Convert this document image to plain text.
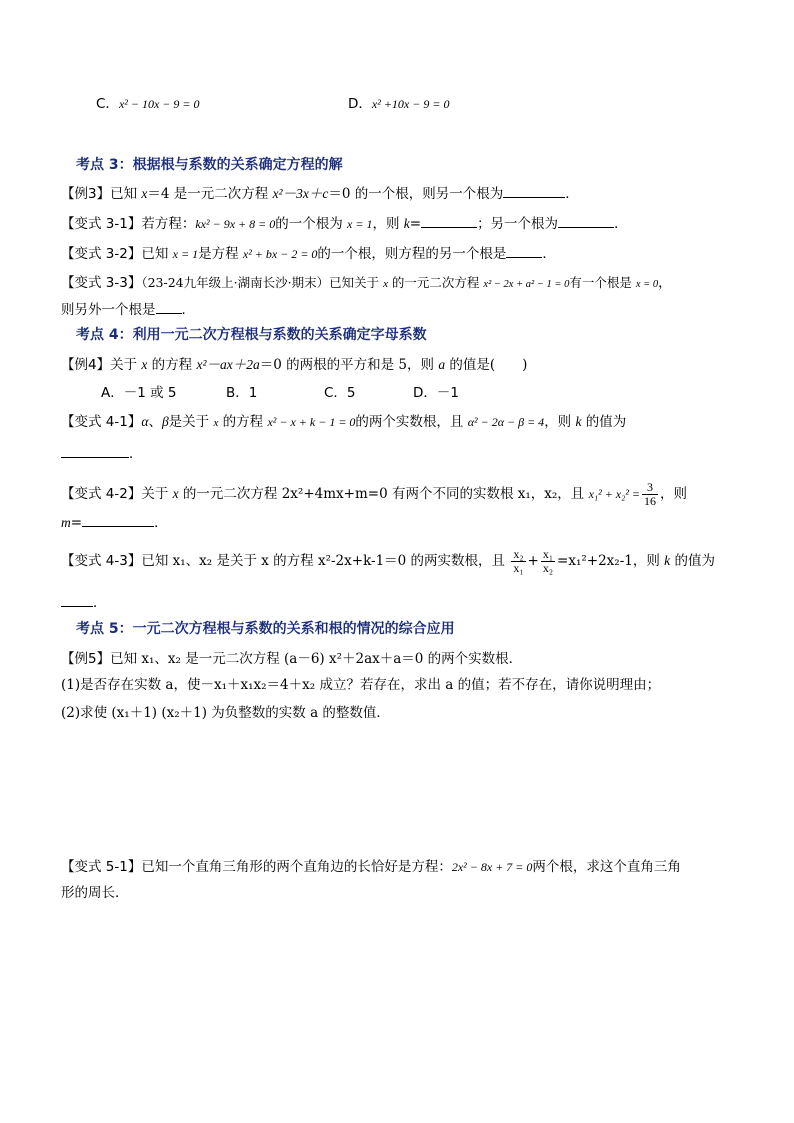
C．x² − 10x − 9 = 0	D．x² +10x − 9 = 0
考点 3：根据根与系数的关系确定方程的解
【例3】已知 x＝4 是一元二次方程 x²－3x＋c＝0 的一个根，则另一个根为	．
【变式 3-1】若方程：kx² − 9x + 8 = 0的一个根为 x = 1，则 k=	；另一个根为	．
【变式 3-2】已知 x = 1是方程 x² + bx − 2 = 0的一个根，则方程的另一个根是	．
【变式 3-3】（23-24九年级上·湖南长沙·期末）已知关于 x 的一元二次方程 x² − 2x + a² − 1 = 0有一个根是 x = 0，
则另外一个根是 ．
考点 4：利用一元二次方程根与系数的关系确定字母系数
【例4】关于 x 的方程 x²－ax＋2a＝0 的两根的平方和是 5，则 a 的值是(　　)
A．－1 或 5	B．1	C．5	D．－1
【变式 4-1】α、β是关于 x 的方程 x² − x + k − 1 = 0的两个实数根，且 α² − 2α − β = 4，则 k 的值为
．
【变式 4-2】关于 x 的一元二次方程 2x²+4mx+m=0 有两个不同的实数根 x₁，x₂，且 $x_1^2 + x_2^2 = \frac{3}{16}$ ，则
m=	．
【变式 4-3】已知 x₁、x₂ 是关于 x 的方程 x²-2x+k-1＝0 的两实数根，且 $\frac{\text{x₂}}{\text{x₁}} + \frac{\text{x₁}}{\text{x₂}} =x_1^2+2x_2-1$，则 k 的值为
．
考点 5：一元二次方程根与系数的关系和根的情况的综合应用
【例5】已知 x₁、x₂ 是一元二次方程 (a－6) x²＋2ax＋a＝0 的两个实数根．
(1)是否存在实数 a，使－x₁＋x₁x₂＝4＋x₂ 成立？若存在，求出 a 的值；若不存在，请你说明理由；
(2)求使 (x₁＋1) (x₂＋1) 为负整数的实数 a 的整数值．
【变式 5-1】已知一个直角三角形的两个直角边的长恰好是方程：2x² − 8x + 7 = 0两个根，求这个直角三角
形的周长．
